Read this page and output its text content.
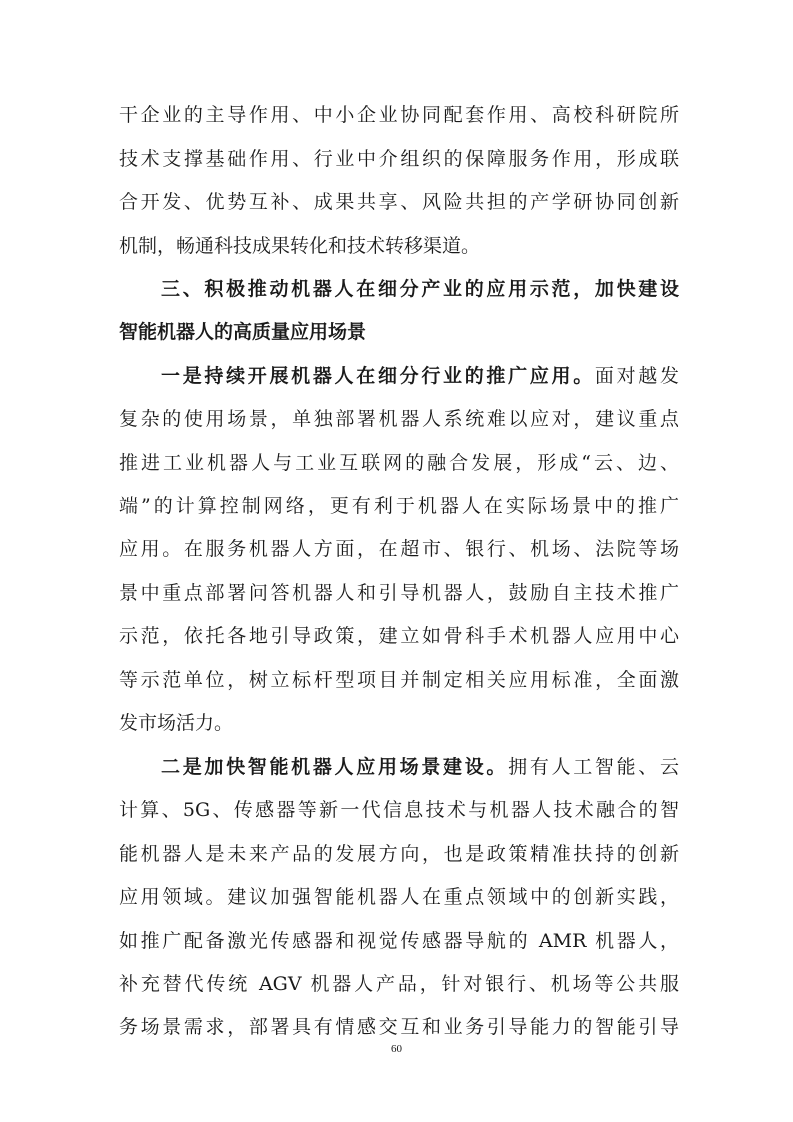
干企业的主导作用、中小企业协同配套作用、高校科研院所
技术支撑基础作用、行业中介组织的保障服务作用，形成联
合开发、优势互补、成果共享、风险共担的产学研协同创新
机制，畅通科技成果转化和技术转移渠道。
三、积极推动机器人在细分产业的应用示范，加快建设
智能机器人的高质量应用场景
一是持续开展机器人在细分行业的推广应用。面对越发
复杂的使用场景，单独部署机器人系统难以应对，建议重点
推进工业机器人与工业互联网的融合发展，形成“云、边、
端”的计算控制网络，更有利于机器人在实际场景中的推广
应用。在服务机器人方面，在超市、银行、机场、法院等场
景中重点部署问答机器人和引导机器人，鼓励自主技术推广
示范，依托各地引导政策，建立如骨科手术机器人应用中心
等示范单位，树立标杆型项目并制定相关应用标准，全面激
发市场活力。
二是加快智能机器人应用场景建设。拥有人工智能、云
计算、5G、传感器等新一代信息技术与机器人技术融合的智
能机器人是未来产品的发展方向，也是政策精准扶持的创新
应用领域。建议加强智能机器人在重点领域中的创新实践，
如推广配备激光传感器和视觉传感器导航的 AMR 机器人，
补充替代传统 AGV 机器人产品，针对银行、机场等公共服
务场景需求，部署具有情感交互和业务引导能力的智能引导
60
